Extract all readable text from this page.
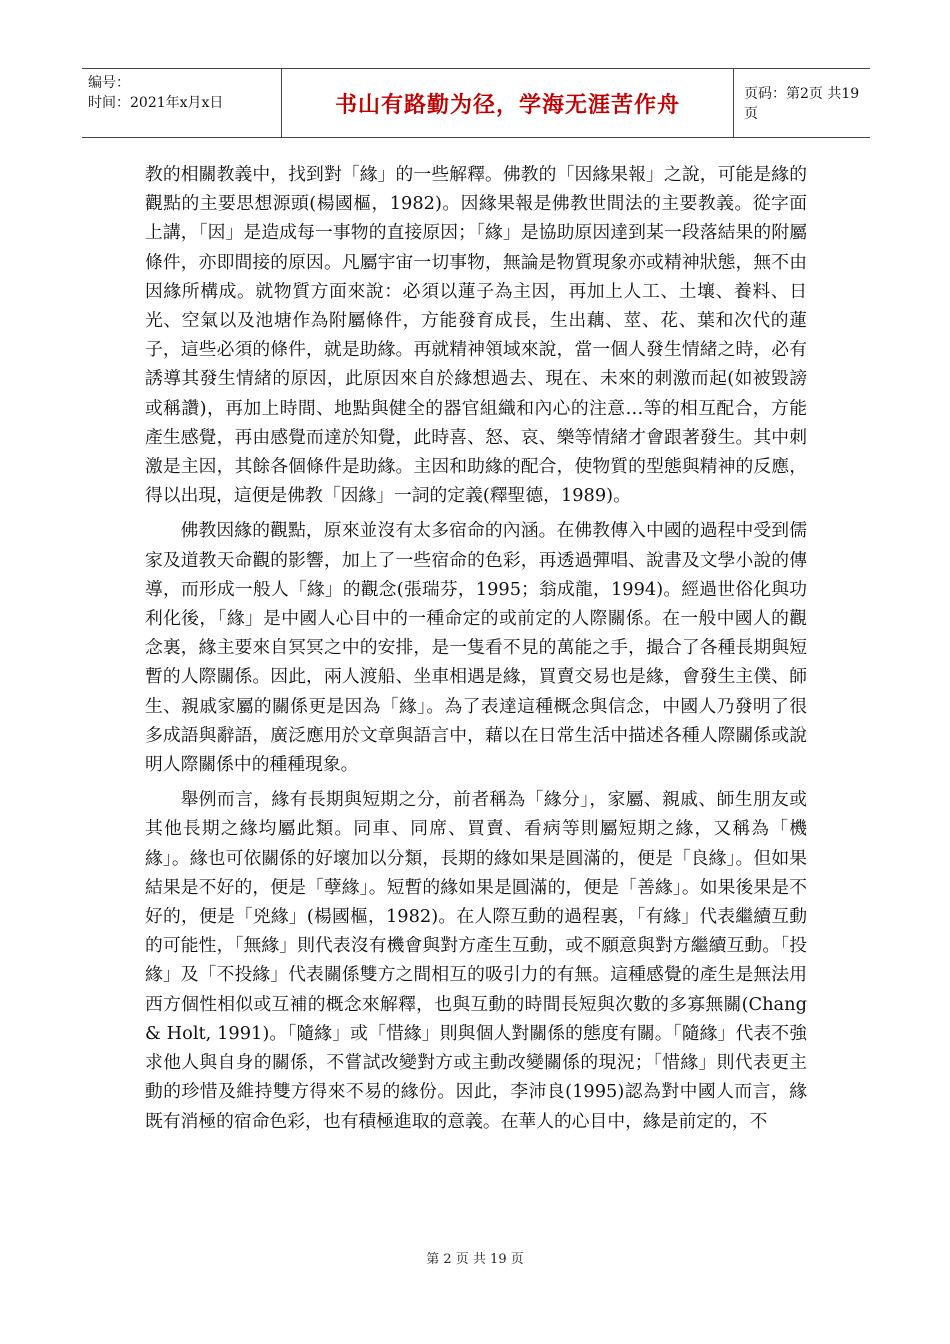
编号：
时间：2021年x月x日	书山有路勤为径，学海无涯苦作舟	页码：第2页 共19页

教的相關教義中，找到對「緣」的一些解釋。佛教的「因緣果報」之說，可能是緣的觀點的主要思想源頭(楊國樞，1982)。因緣果報是佛教世間法的主要教義。從字面上講，「因」是造成每一事物的直接原因；「緣」是協助原因達到某一段落結果的附屬條件，亦即間接的原因。凡屬宇宙一切事物，無論是物質現象亦或精神狀態，無不由因緣所構成。就物質方面來說：必須以蓮子為主因，再加上人工、土壤、養料、日光、空氣以及池塘作為附屬條件，方能發育成長，生出藕、莖、花、葉和次代的蓮子，這些必須的條件，就是助緣。再就精神領域來說，當一個人發生情緒之時，必有誘導其發生情緒的原因，此原因來自於緣想過去、現在、未來的刺激而起(如被毀謗或稱讚)，再加上時間、地點與健全的器官組織和內心的注意…等的相互配合，方能產生感覺，再由感覺而達於知覺，此時喜、怒、哀、樂等情緒才會跟著發生。其中刺激是主因，其餘各個條件是助緣。主因和助緣的配合，使物質的型態與精神的反應，得以出現，這便是佛教「因緣」一詞的定義(釋聖德，1989)。

佛教因緣的觀點，原來並沒有太多宿命的內涵。在佛教傳入中國的過程中受到儒家及道教天命觀的影響，加上了一些宿命的色彩，再透過彈唱、說書及文學小說的傳導，而形成一般人「緣」的觀念(張瑞芬，1995；翁成龍，1994)。經過世俗化與功利化後，「緣」是中國人心目中的一種命定的或前定的人際關係。在一般中國人的觀念裏，緣主要來自冥冥之中的安排，是一隻看不見的萬能之手，撮合了各種長期與短暫的人際關係。因此，兩人渡船、坐車相遇是緣，買賣交易也是緣，會發生主僕、師生、親戚家屬的關係更是因為「緣」。為了表達這種概念與信念，中國人乃發明了很多成語與辭語，廣泛應用於文章與語言中，藉以在日常生活中描述各種人際關係或說明人際關係中的種種現象。

舉例而言，緣有長期與短期之分，前者稱為「緣分」，家屬、親戚、師生朋友或其他長期之緣均屬此類。同車、同席、買賣、看病等則屬短期之緣，又稱為「機緣」。緣也可依關係的好壞加以分類，長期的緣如果是圓滿的，便是「良緣」。但如果結果是不好的，便是「孽緣」。短暫的緣如果是圓滿的，便是「善緣」。如果後果是不好的，便是「兇緣」(楊國樞，1982)。在人際互動的過程裏，「有緣」代表繼續互動的可能性，「無緣」則代表沒有機會與對方產生互動，或不願意與對方繼續互動。「投緣」及「不投緣」代表關係雙方之間相互的吸引力的有無。這種感覺的產生是無法用西方個性相似或互補的概念來解釋，也與互動的時間長短與次數的多寡無關(Chang & Holt, 1991)。「隨緣」或「惜緣」則與個人對關係的態度有關。「隨緣」代表不強求他人與自身的關係，不嘗試改變對方或主動改變關係的現況；「惜緣」則代表更主動的珍惜及維持雙方得來不易的緣份。因此，李沛良(1995)認為對中國人而言，緣既有消極的宿命色彩，也有積極進取的意義。在華人的心目中，緣是前定的，不

第 2 页 共 19 页
